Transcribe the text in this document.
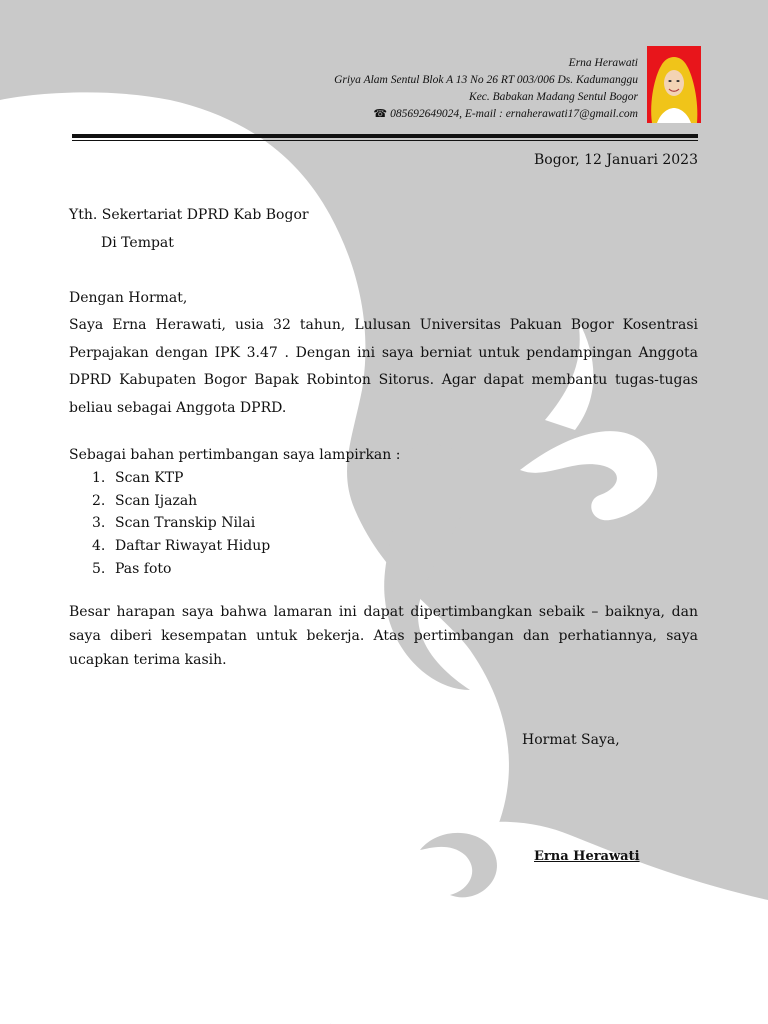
Erna Herawati
Griya Alam Sentul Blok A 13 No 26 RT 003/006 Ds. Kadumanggu
Kec. Babakan Madang Sentul Bogor
☎ 085692649024, E-mail : ernaherawati17@gmail.com
Bogor, 12 Januari 2023
Yth. Sekertariat DPRD Kab Bogor
Di Tempat
Dengan Hormat,
Saya Erna Herawati, usia 32 tahun, Lulusan Universitas Pakuan Bogor Kosentrasi Perpajakan dengan IPK 3.47 . Dengan ini saya berniat untuk pendampingan Anggota DPRD Kabupaten Bogor Bapak Robinton Sitorus. Agar dapat membantu tugas-tugas beliau sebagai Anggota DPRD.
Sebagai bahan pertimbangan saya lampirkan :
1. Scan KTP
2. Scan Ijazah
3. Scan Transkip Nilai
4. Daftar Riwayat Hidup
5. Pas foto
Besar harapan saya bahwa lamaran ini dapat dipertimbangkan sebaik – baiknya, dan saya diberi kesempatan untuk bekerja. Atas pertimbangan dan perhatiannya, saya ucapkan terima kasih.
Hormat Saya,
Erna Herawati
